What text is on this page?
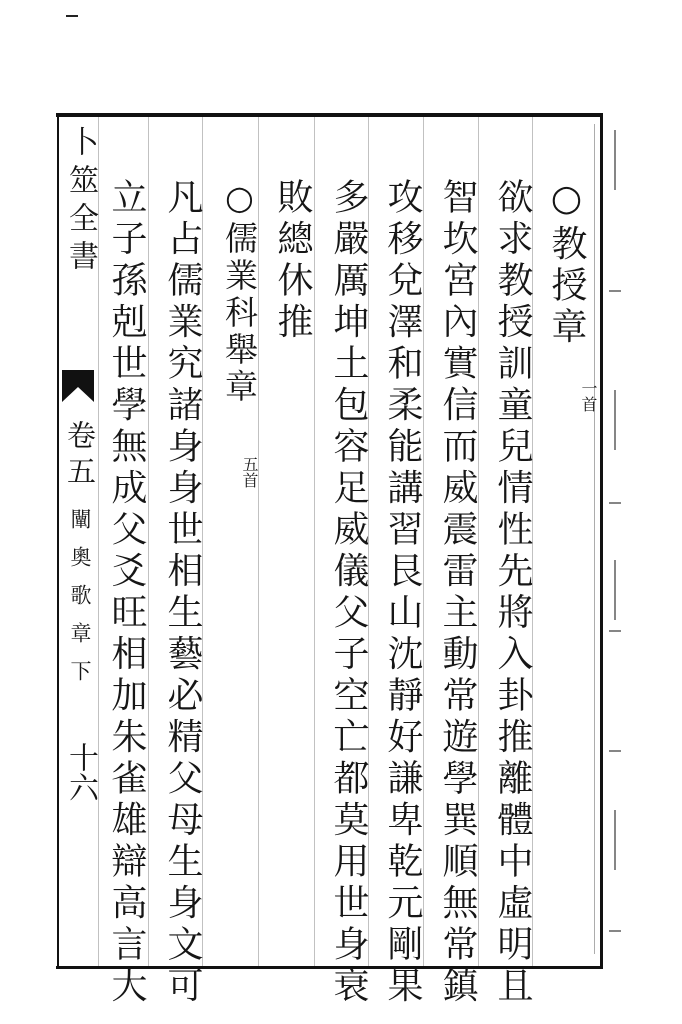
卜筮全書
卷五
闡奧歌章下
十六
○教授章
欲求教授訓童兒情性先將入卦推離體中虛明且
智坎宮內實信而威震雷主動常遊學巽順無常鎮
攻移兌澤和柔能講習艮山沈靜好謙卑乾元剛果
多嚴厲坤土包容足威儀父子空亡都莫用世身衰
敗總休推
○儒業科舉章
凡占儒業究諸身身世相生藝必精父母生身文可
立子孫剋世學無成父爻旺相加朱雀雄辯高言大	一首
五首
